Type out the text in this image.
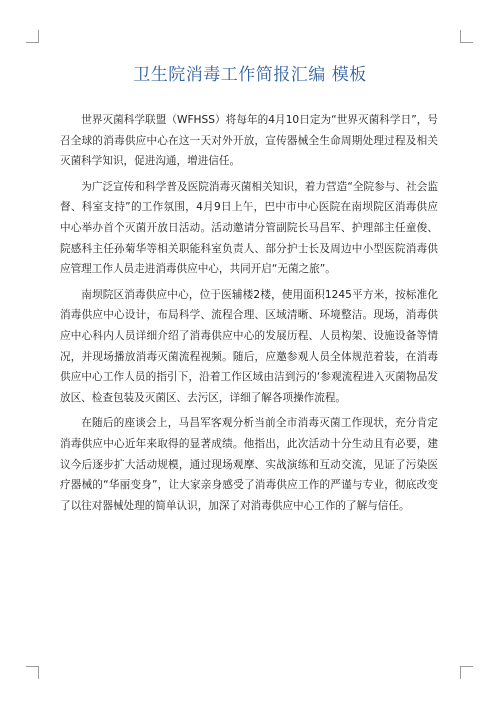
卫生院消毒工作简报汇编 模板

世界灭菌科学联盟（WFHSS）将每年的4月10日定为“世界灭菌科学日”，号召全球的消毒供应中心在这一天对外开放，宣传器械全生命周期处理过程及相关灭菌科学知识，促进沟通，增进信任。

为广泛宣传和科学普及医院消毒灭菌相关知识，着力营造“全院参与、社会监督、科室支持”的工作氛围，4月9日上午，巴中市中心医院在南坝院区消毒供应中心举办首个灭菌开放日活动。活动邀请分管副院长马昌军、护理部主任童俊、院感科主任孙菊华等相关职能科室负责人、部分护士长及周边中小型医院消毒供应管理工作人员走进消毒供应中心，共同开启“无菌之旅”。

南坝院区消毒供应中心，位于医辅楼2楼，使用面积1245平方米，按标准化消毒供应中心设计，布局科学、流程合理、区域清晰、环境整洁。现场，消毒供应中心科内人员详细介绍了消毒供应中心的发展历程、人员构架、设施设备等情况，并现场播放消毒灭菌流程视频。随后，应邀参观人员全体规范着装，在消毒供应中心工作人员的指引下，沿着工作区域由洁到污的‘参观流程进入灭菌物品发放区、检查包装及灭菌区、去污区，详细了解各项操作流程。

在随后的座谈会上，马昌军客观分析当前全市消毒灭菌工作现状，充分肯定消毒供应中心近年来取得的显著成绩。他指出，此次活动十分生动且有必要，建议今后逐步扩大活动规模，通过现场观摩、实战演练和互动交流，见证了污染医疗器械的“华丽变身”，让大家亲身感受了消毒供应工作的严谨与专业，彻底改变了以往对器械处理的简单认识，加深了对消毒供应中心工作的了解与信任。
